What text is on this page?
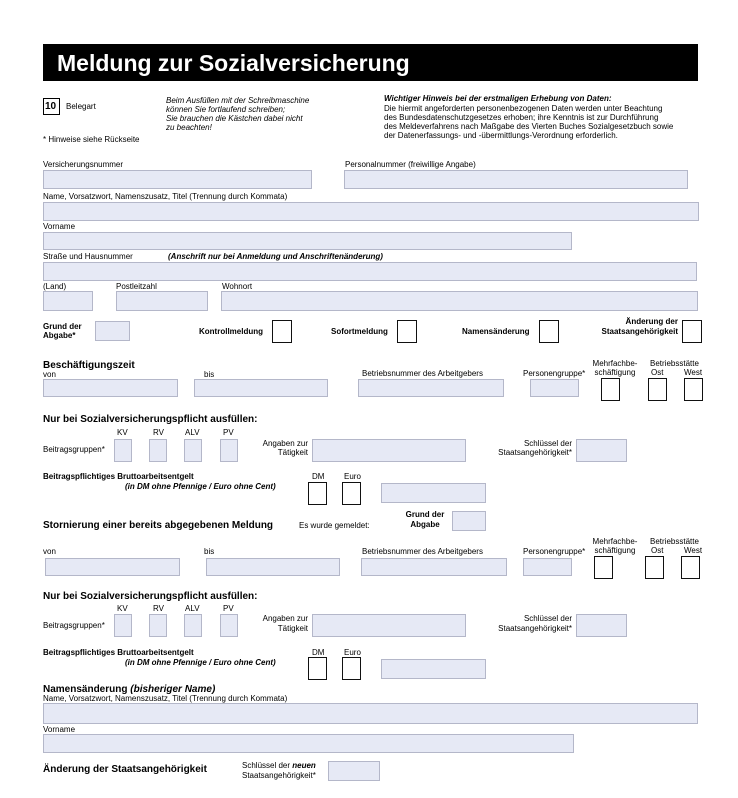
Meldung zur Sozialversicherung
10 Belegart
* Hinweise siehe Rückseite
Beim Ausfüllen mit der Schreibmaschine
können Sie fortlaufend schreiben;
Sie brauchen die Kästchen dabei nicht
zu beachten!
Wichtiger Hinweis bei der erstmaligen Erhebung von Daten:
Die hiermit angeforderten personenbezogenen Daten werden unter Beachtung
des Bundesdatenschutzgesetzes erhoben; ihre Kenntnis ist zur Durchführung
des Meldeverfahrens nach Maßgabe des Vierten Buches Sozialgesetzbuch sowie
der Datenerfassungs- und -übermittlungs-Verordnung erforderlich.
Versicherungsnummer	Personalnummer (freiwillige Angabe)
Name, Vorsatzwort, Namenszusatz, Titel (Trennung durch Kommata)
Vorname
Straße und Hausnummer	(Anschrift nur bei Anmeldung und Anschriftenänderung)
(Land)	Postleitzahl	Wohnort
Grund der
Abgabe*	Kontrollmeldung	Sofortmeldung	Namensänderung
Änderung der
Staatsangehörigkeit
Beschäftigungszeit
von	bis	Betriebsnummer des Arbeitgebers	Personengruppe*
Mehrfachbe-
schäftigung
Betriebsstätte
Ost	West
Nur bei Sozialversicherungspflicht ausfüllen:
KV	RV	ALV	PV
Beitragsgruppen*
Angaben zur
Tätigkeit
Schlüssel der
Staatsangehörigkeit*
Beitragspflichtiges Bruttoarbeitsentgelt
(in DM ohne Pfennige / Euro ohne Cent)
DM Euro
Stornierung einer bereits abgegebenen Meldung	Es wurde gemeldet:
Grund der
Abgabe
von	bis	Betriebsnummer des Arbeitgebers	Personengruppe*
Mehrfachbe-
schäftigung
Betriebsstätte
Ost	West
Nur bei Sozialversicherungspflicht ausfüllen:
KV	RV	ALV	PV
Beitragsgruppen*
Angaben zur
Tätigkeit
Schlüssel der
Staatsangehörigkeit*
Beitragspflichtiges Bruttoarbeitsentgelt
(in DM ohne Pfennige / Euro ohne Cent)
DM Euro
Namensänderung (bisheriger Name)
Name, Vorsatzwort, Namenszusatz, Titel (Trennung durch Kommata)
Vorname
Änderung der Staatsangehörigkeit	Schlüssel der neuen
Staatsangehörigkeit*
